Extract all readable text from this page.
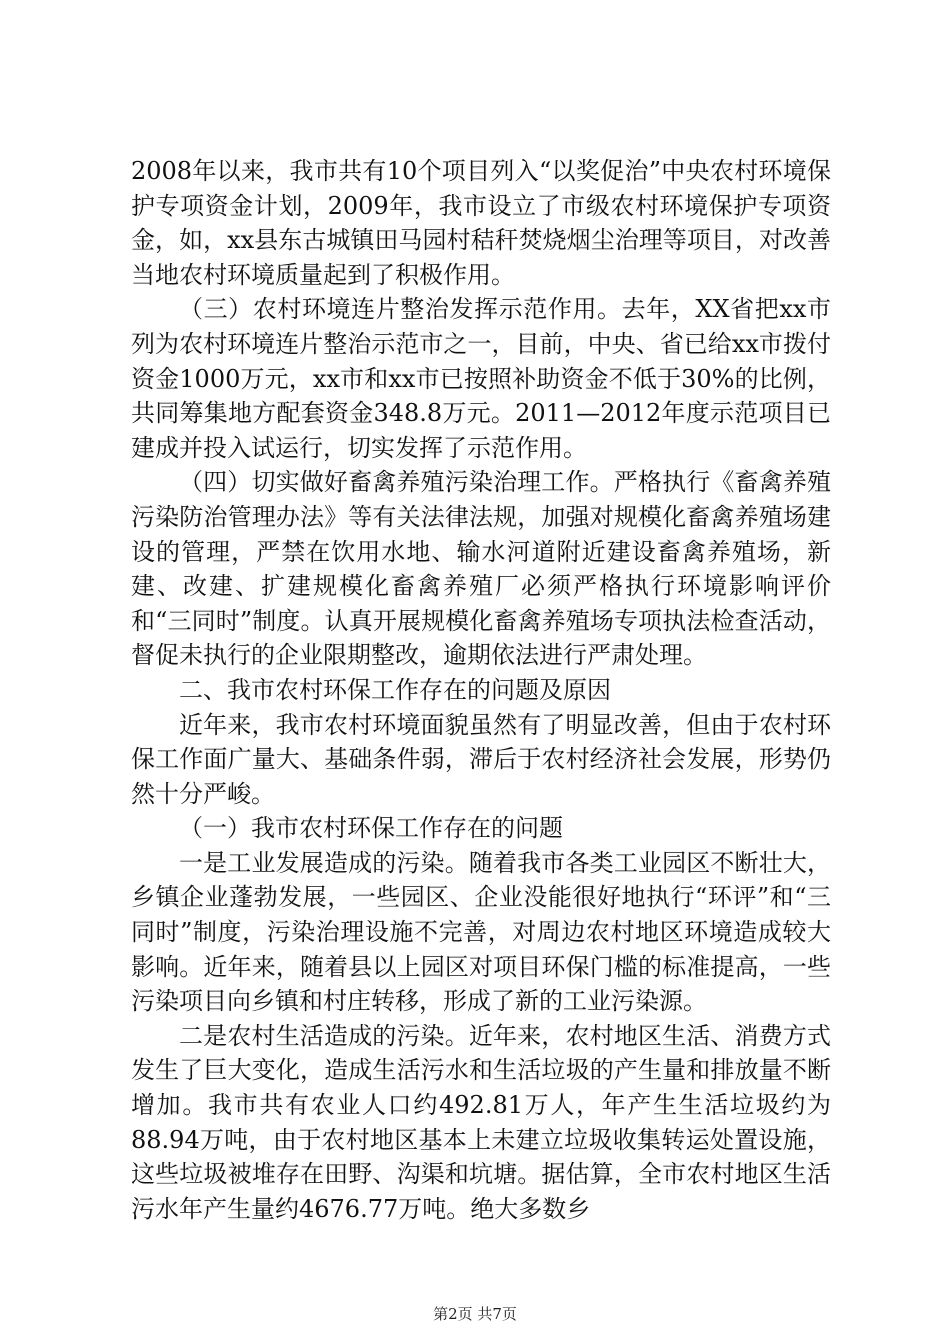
2008年以来，我市共有10个项目列入“以奖促治”中央农村环境保护专项资金计划，2009年，我市设立了市级农村环境保护专项资金，如，xx县东古城镇田马园村秸秆焚烧烟尘治理等项目，对改善当地农村环境质量起到了积极作用。

（三）农村环境连片整治发挥示范作用。去年，XX省把xx市列为农村环境连片整治示范市之一，目前，中央、省已给xx市拨付资金1000万元，xx市和xx市已按照补助资金不低于30%的比例，共同筹集地方配套资金348.8万元。2011—2012年度示范项目已建成并投入试运行，切实发挥了示范作用。

（四）切实做好畜禽养殖污染治理工作。严格执行《畜禽养殖污染防治管理办法》等有关法律法规，加强对规模化畜禽养殖场建设的管理，严禁在饮用水地、输水河道附近建设畜禽养殖场，新建、改建、扩建规模化畜禽养殖厂必须严格执行环境影响评价和“三同时”制度。认真开展规模化畜禽养殖场专项执法检查活动，督促未执行的企业限期整改，逾期依法进行严肃处理。

二、我市农村环保工作存在的问题及原因

近年来，我市农村环境面貌虽然有了明显改善，但由于农村环保工作面广量大、基础条件弱，滞后于农村经济社会发展，形势仍然十分严峻。

（一）我市农村环保工作存在的问题

一是工业发展造成的污染。随着我市各类工业园区不断壮大，乡镇企业蓬勃发展，一些园区、企业没能很好地执行“环评”和“三同时”制度，污染治理设施不完善，对周边农村地区环境造成较大影响。近年来，随着县以上园区对项目环保门槛的标准提高，一些污染项目向乡镇和村庄转移，形成了新的工业污染源。

二是农村生活造成的污染。近年来，农村地区生活、消费方式发生了巨大变化，造成生活污水和生活垃圾的产生量和排放量不断增加。我市共有农业人口约492.81万人，年产生生活垃圾约为88.94万吨，由于农村地区基本上未建立垃圾收集转运处置设施，这些垃圾被堆存在田野、沟渠和坑塘。据估算，全市农村地区生活污水年产生量约4676.77万吨。绝大多数乡

第2页 共7页
